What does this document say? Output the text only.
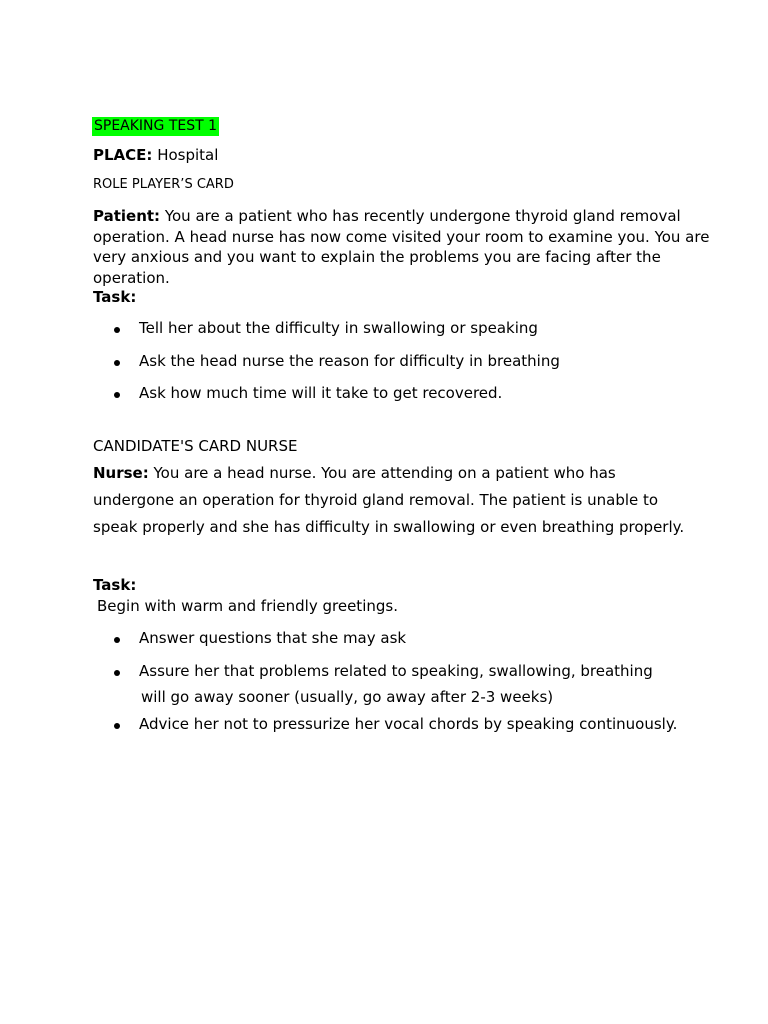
SPEAKING TEST 1
PLACE: Hospital
ROLE PLAYER’S CARD
Patient: You are a patient who has recently undergone thyroid gland removal operation. A head nurse has now come visited your room to examine you. You are very anxious and you want to explain the problems you are facing after the operation.
Task:
Tell her about the difficulty in swallowing or speaking
Ask the head nurse the reason for difficulty in breathing
Ask how much time will it take to get recovered.
CANDIDATE'S CARD NURSE
Nurse: You are a head nurse. You are attending on a patient who has
undergone an operation for thyroid gland removal. The patient is unable to
speak properly and she has difficulty in swallowing or even breathing properly.
Task:
Begin with warm and friendly greetings.
Answer questions that she may ask
Assure her that problems related to speaking, swallowing, breathing
will go away sooner (usually, go away after 2-3 weeks)
Advice her not to pressurize her vocal chords by speaking continuously.
